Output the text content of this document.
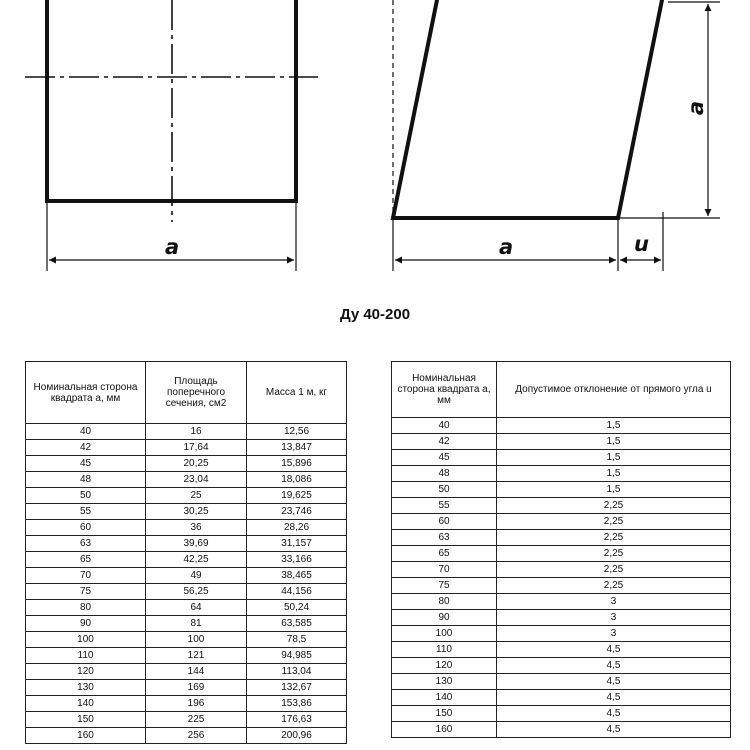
a
a
a	u
Ду 40-200
Номинальная сторона квадрата а, мм	Площадь поперечного сечения, см2	Масса 1 м, кг
40	16	12,56
42	17,64	13,847
45	20,25	15,896
48	23,04	18,086
50	25	19,625
55	30,25	23,746
60	36	28,26
63	39,69	31,157
65	42,25	33,166
70	49	38,465
75	56,25	44,156
80	64	50,24
90	81	63,585
100	100	78,5
110	121	94,985
120	144	113,04
130	169	132,67
140	196	153,86
150	225	176,63
160	256	200,96
Номинальная сторона квадрата а, мм	Допустимое отклонение от прямого угла u
40	1,5
42	1,5
45	1,5
48	1,5
50	1,5
55	2,25
60	2,25
63	2,25
65	2,25
70	2,25
75	2,25
80	3
90	3
100	3
110	4,5
120	4,5
130	4,5
140	4,5
150	4,5
160	4,5
